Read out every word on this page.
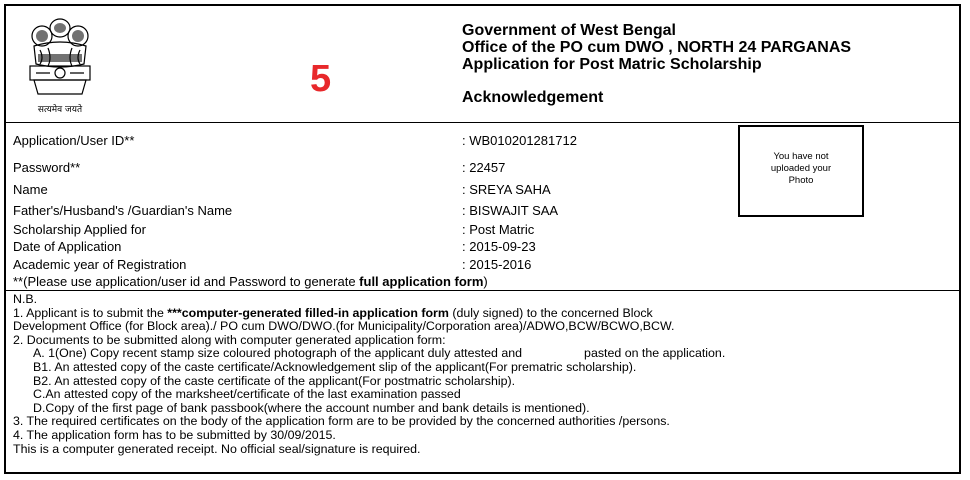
सत्यमेव जयते
5
Government of West Bengal
Office of the PO cum DWO , NORTH 24 PARGANAS
Application for Post Matric Scholarship
Acknowledgement
Application/User ID**	: WB010201281712
Password**	: 22457
Name	: SREYA SAHA
Father's/Husband's /Guardian's Name	: BISWAJIT SAA
Scholarship Applied for	: Post Matric
Date of Application	: 2015-09-23
Academic year of Registration	: 2015-2016
You have not
uploaded your
Photo
**(Please use application/user id and Password to generate full application form)
N.B.
1. Applicant is to submit the ***computer-generated filled-in application form (duly signed) to the concerned Block
Development Office (for Block area)./ PO cum DWO/DWO.(for Municipality/Corporation area)/ADWO,BCW/BCWO,BCW.
2. Documents to be submitted along with computer generated application form:
A. 1(One) Copy recent stamp size coloured photograph of the applicant duly attested and	pasted on the application.
B1. An attested copy of the caste certificate/Acknowledgement slip of the applicant(For prematric scholarship).
B2. An attested copy of the caste certificate of the applicant(For postmatric scholarship).
C.An attested copy of the marksheet/certificate of the last examination passed
D.Copy of the first page of bank passbook(where the account number and bank details is mentioned).
3. The required certificates on the body of the application form are to be provided by the concerned authorities /persons.
4. The application form has to be submitted by 30/09/2015.
This is a computer generated receipt. No official seal/signature is required.
